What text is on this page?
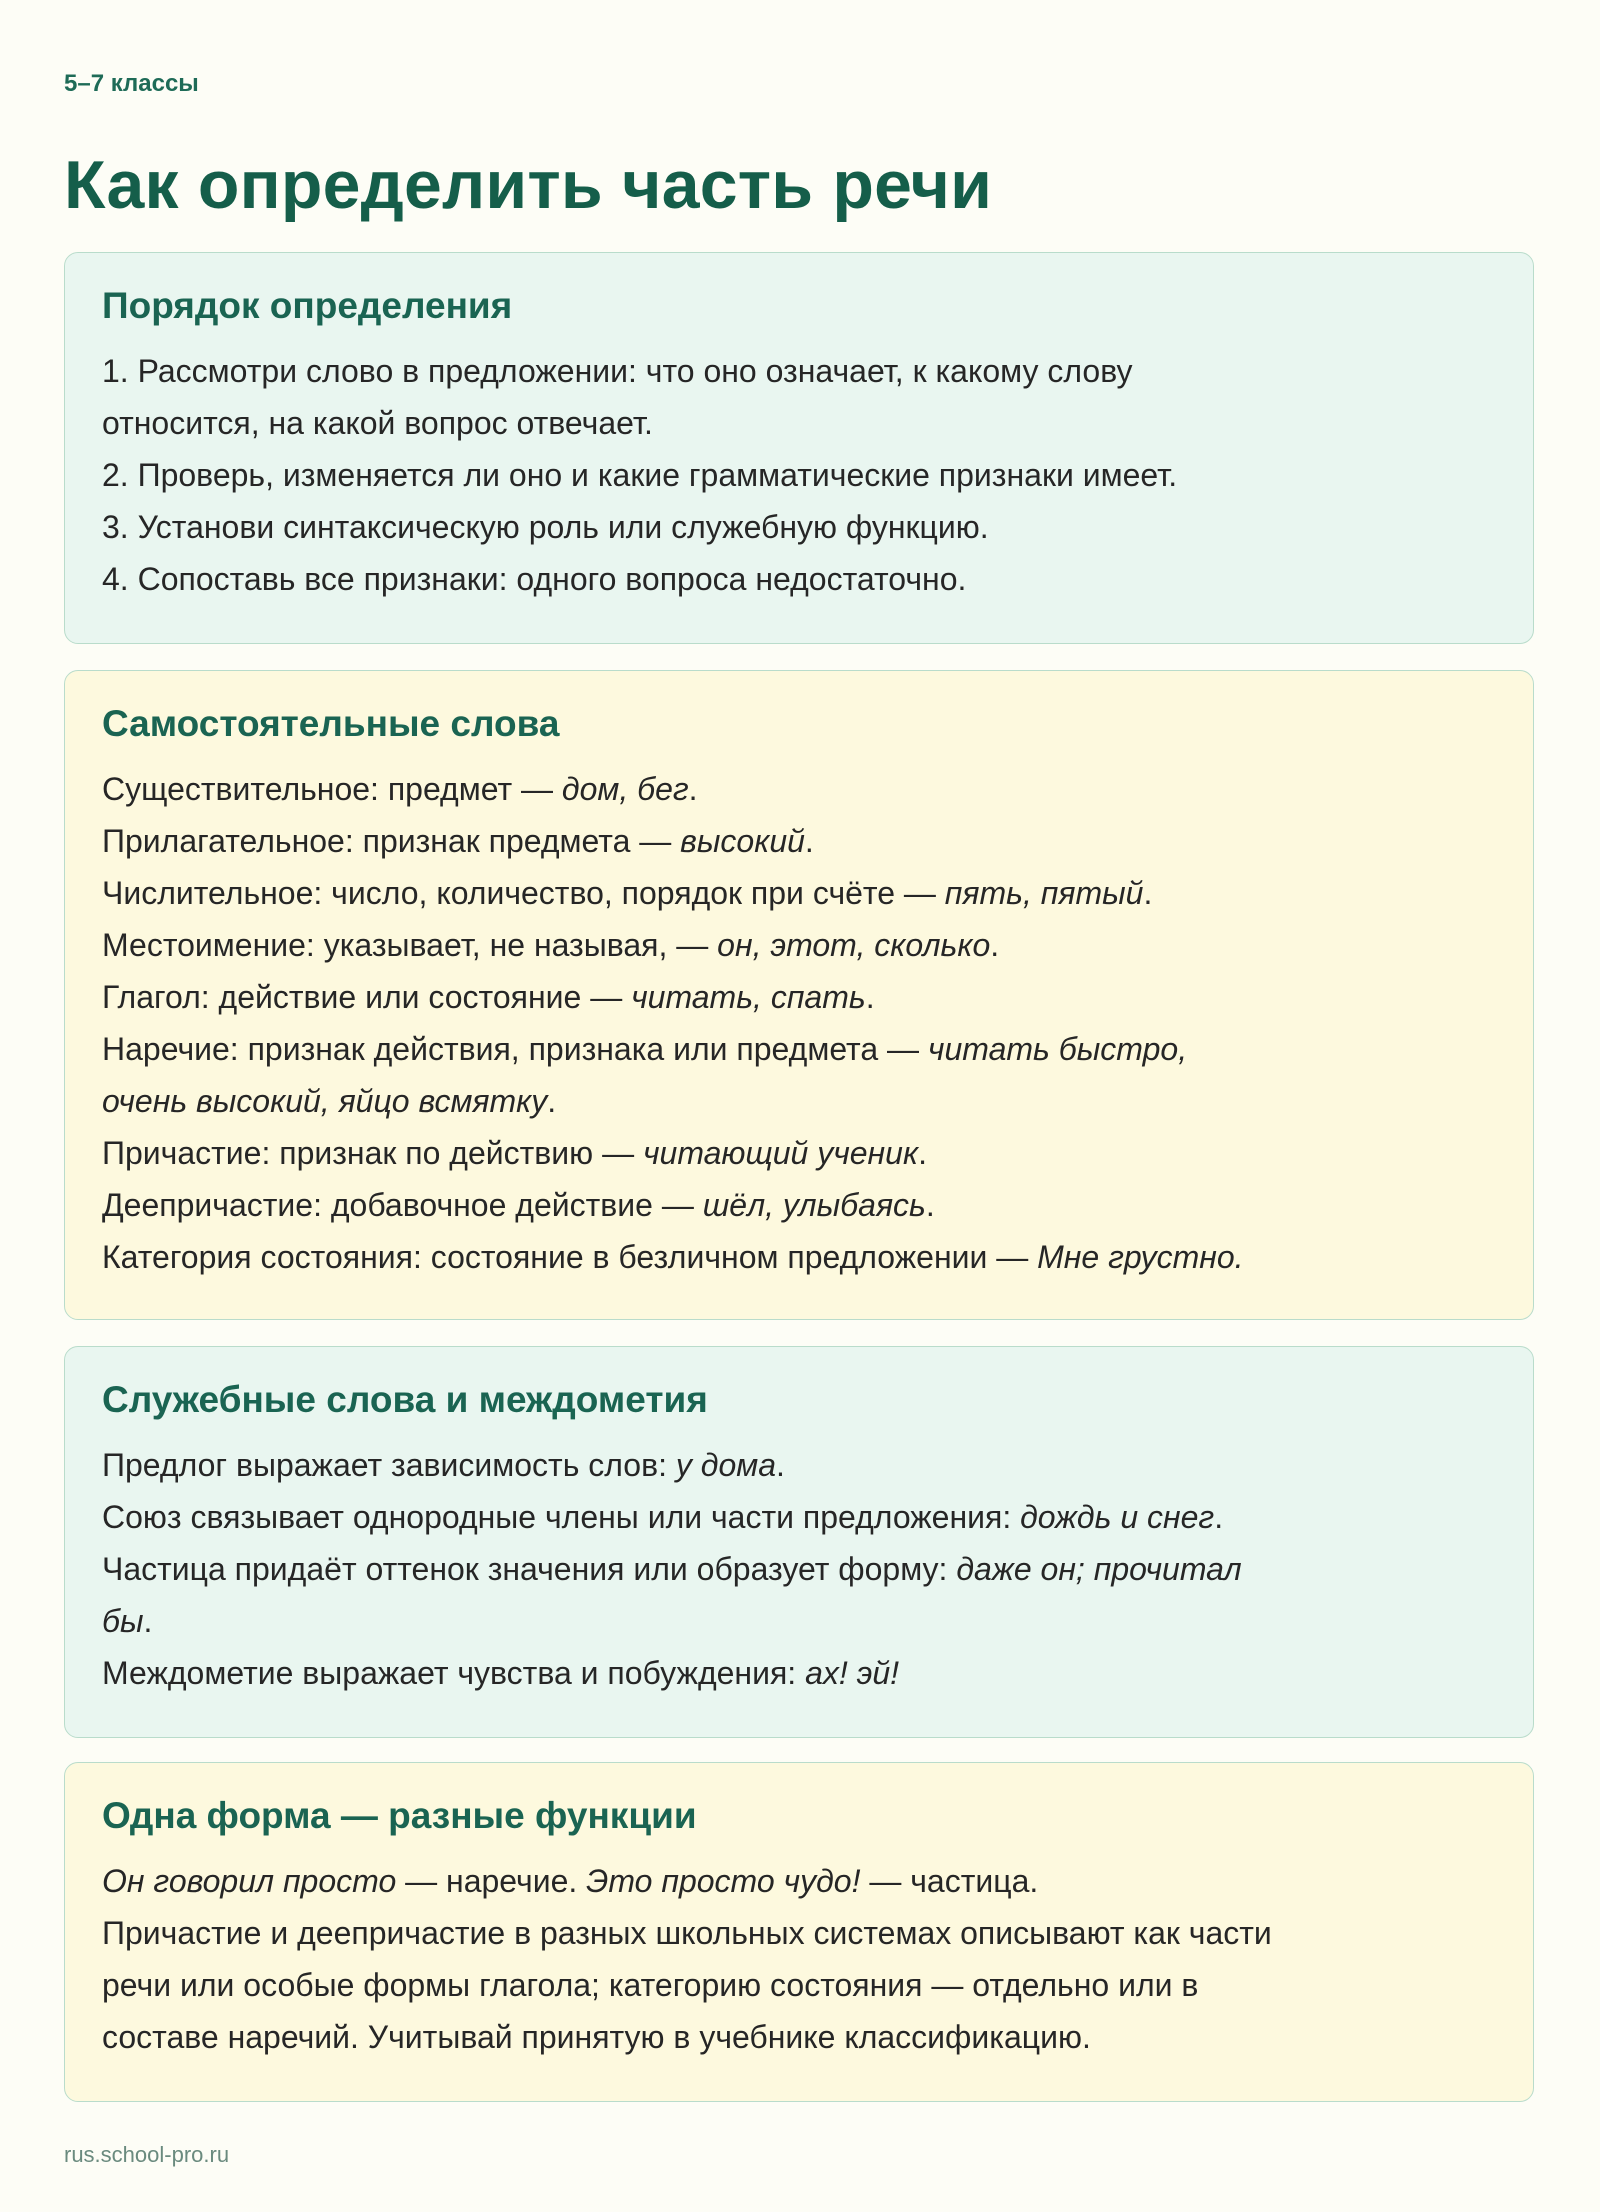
5–7 классы
Как определить часть речи
Порядок определения
1. Рассмотри слово в предложении: что оно означает, к какому слову
относится, на какой вопрос отвечает.
2. Проверь, изменяется ли оно и какие грамматические признаки имеет.
3. Установи синтаксическую роль или служебную функцию.
4. Сопоставь все признаки: одного вопроса недостаточно.
Самостоятельные слова
Существительное: предмет — дом, бег.
Прилагательное: признак предмета — высокий.
Числительное: число, количество, порядок при счёте — пять, пятый.
Местоимение: указывает, не называя, — он, этот, сколько.
Глагол: действие или состояние — читать, спать.
Наречие: признак действия, признака или предмета — читать быстро,
очень высокий, яйцо всмятку.
Причастие: признак по действию — читающий ученик.
Деепричастие: добавочное действие — шёл, улыбаясь.
Категория состояния: состояние в безличном предложении — Мне грустно.
Служебные слова и междометия
Предлог выражает зависимость слов: у дома.
Союз связывает однородные члены или части предложения: дождь и снег.
Частица придаёт оттенок значения или образует форму: даже он; прочитал
бы.
Междометие выражает чувства и побуждения: ах! эй!
Одна форма — разные функции
Он говорил просто — наречие. Это просто чудо! — частица.
Причастие и деепричастие в разных школьных системах описывают как части
речи или особые формы глагола; категорию состояния — отдельно или в
составе наречий. Учитывай принятую в учебнике классификацию.
rus.school-pro.ru
